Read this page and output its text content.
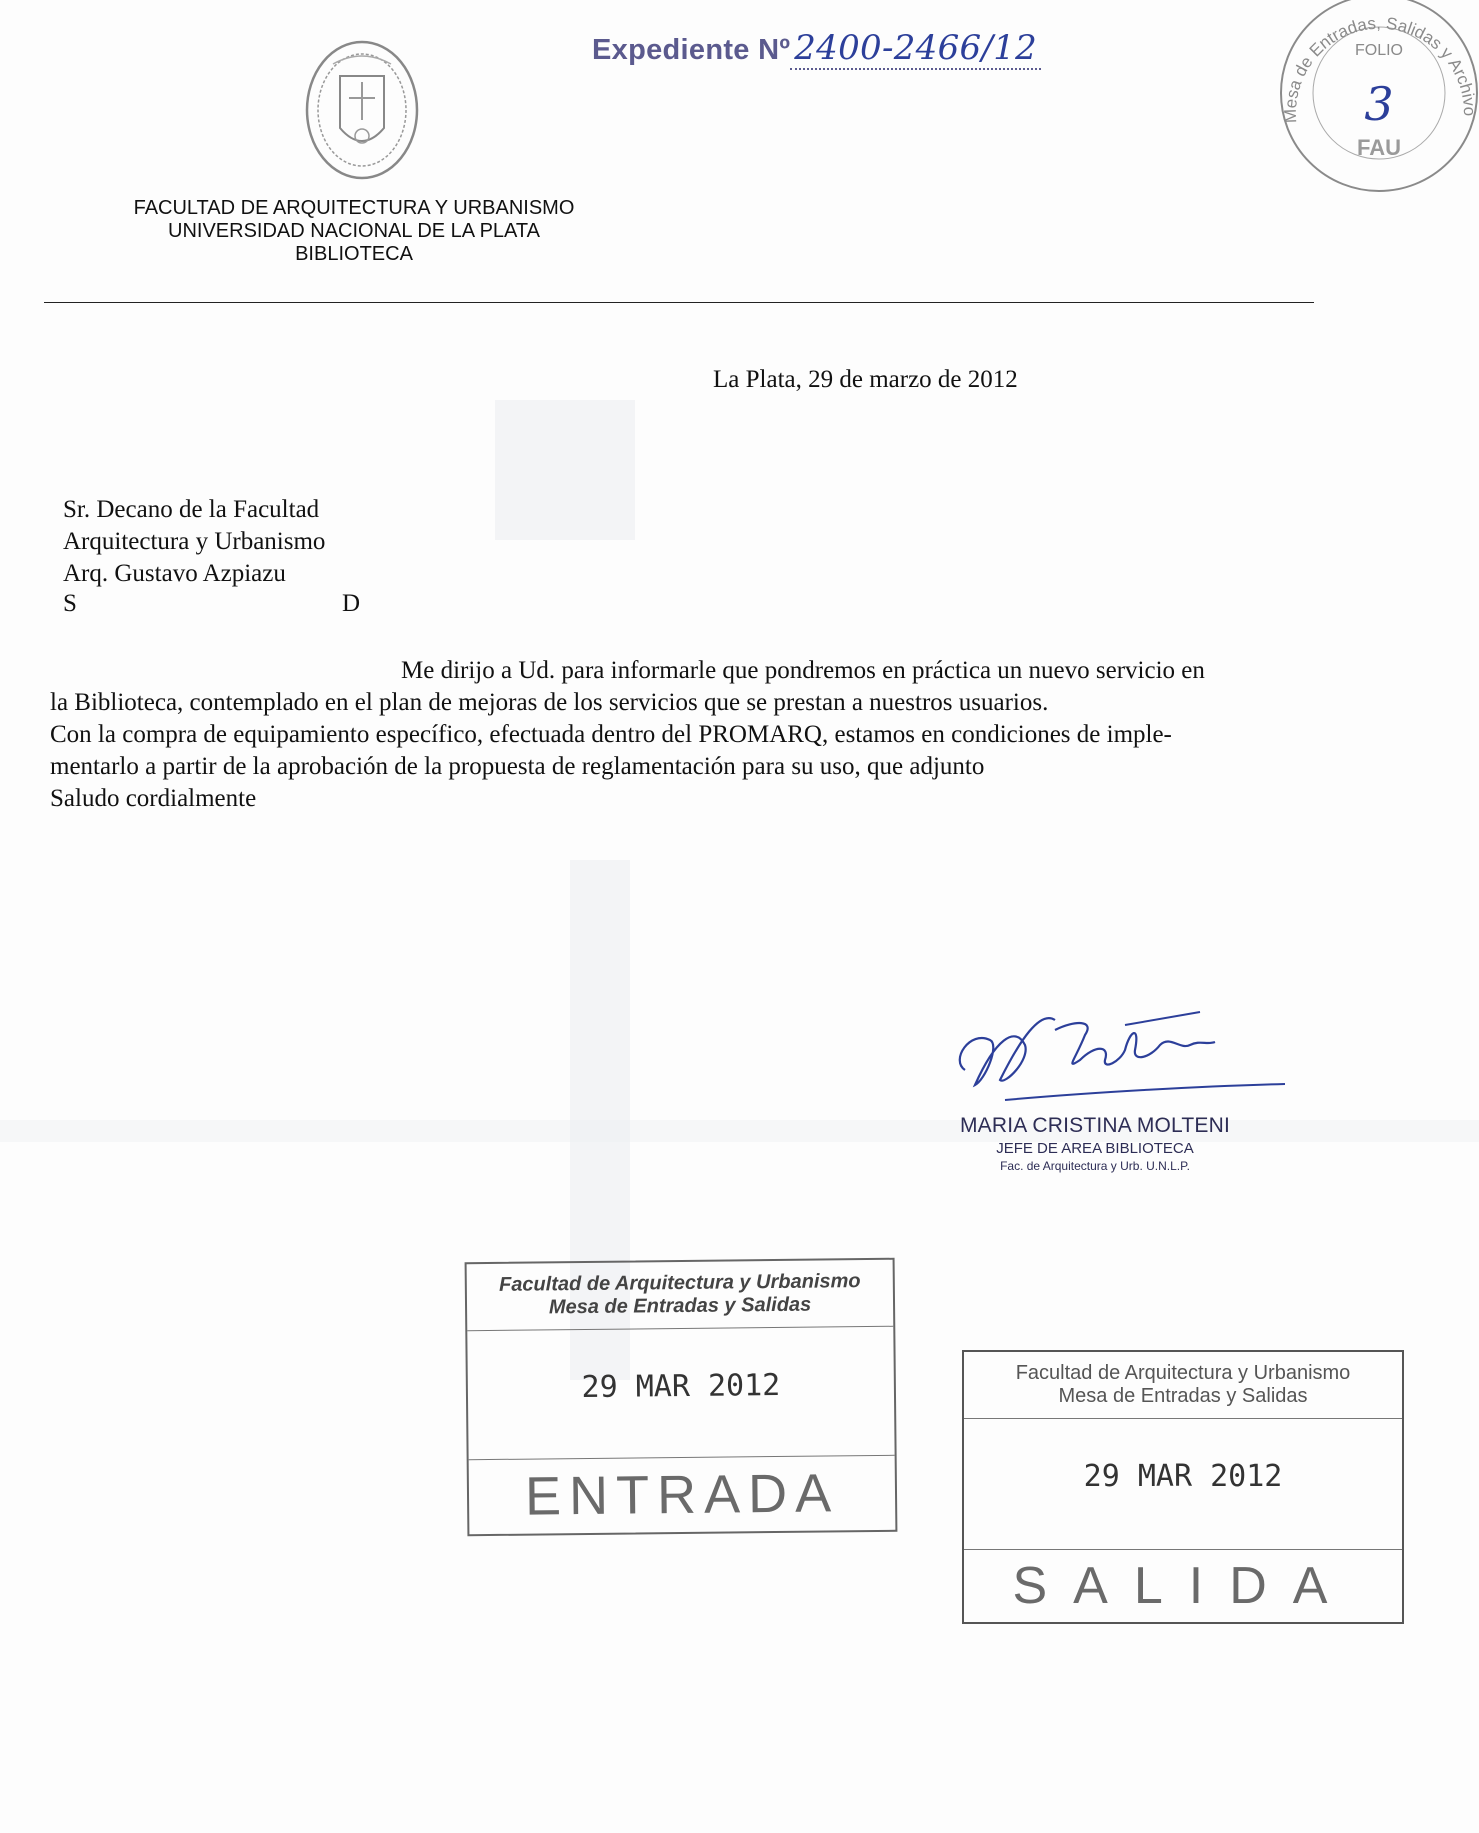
Expediente Nº 2400-2466/12
Mesa de Entradas, Salidas y Archivo
FOLIO
3
FAU
FACULTAD DE ARQUITECTURA Y URBANISMO
UNIVERSIDAD NACIONAL DE LA PLATA
BIBLIOTECA
La Plata, 29 de marzo de 2012
Sr. Decano de la Facultad
Arquitectura y Urbanismo
Arq. Gustavo Azpiazu
S	D

Me dirijo a Ud. para informarle que pondremos en práctica un nuevo servicio en

la Biblioteca, contemplado en el plan de mejoras de los servicios que se prestan a nuestros usuarios.

Con la compra de equipamiento específico, efectuada dentro del PROMARQ, estamos en condiciones de imple-

mentarlo a partir de la aprobación de la propuesta de reglamentación para su uso, que adjunto

Saludo cordialmente

MARIA CRISTINA MOLTENI
JEFE DE AREA BIBLIOTECA
Fac. de Arquitectura y Urb. U.N.L.P.
Facultad de Arquitectura y Urbanismo
Mesa de Entradas y Salidas
29 MAR 2012
ENTRADA
Facultad de Arquitectura y Urbanismo
Mesa de Entradas y Salidas
29 MAR 2012
SALIDA
